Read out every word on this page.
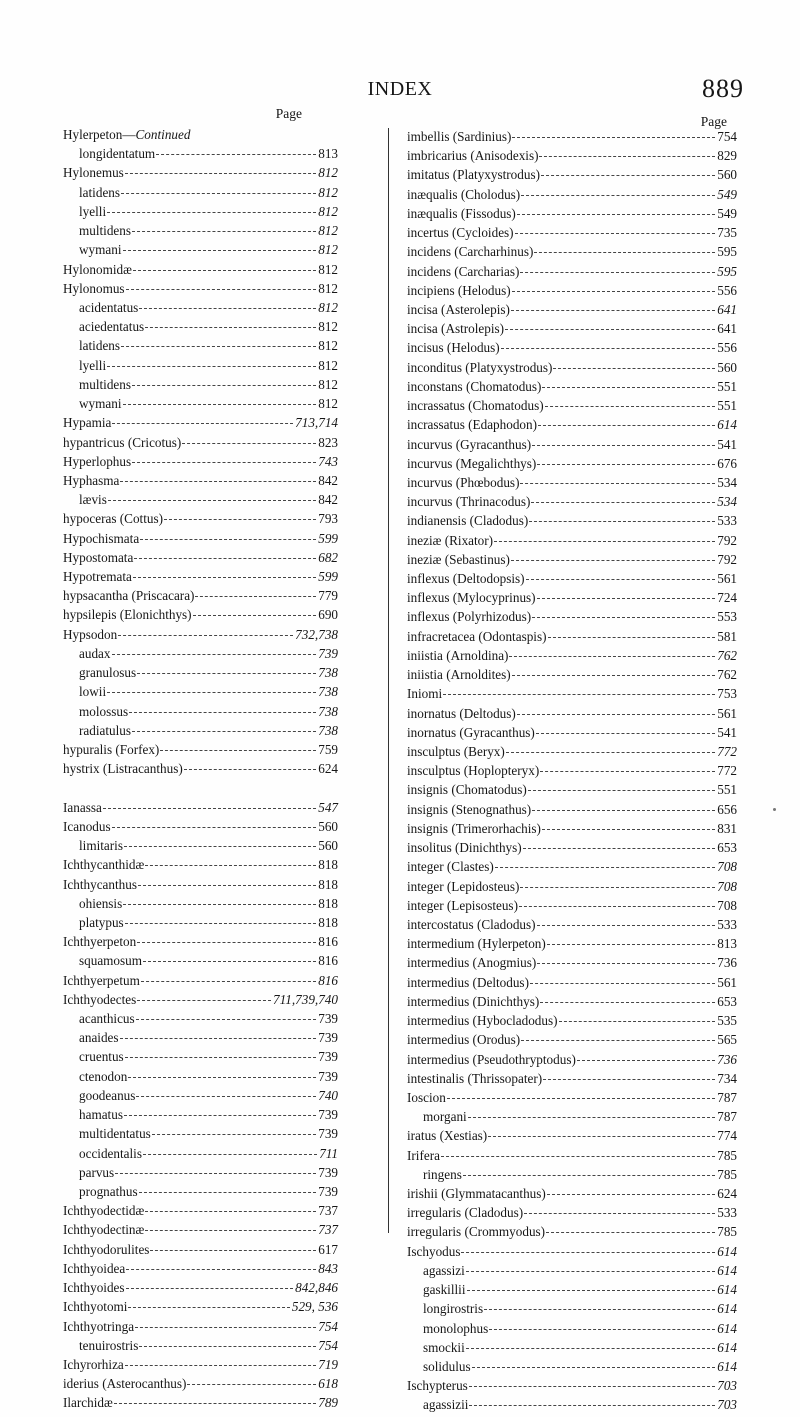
INDEX	889
Page
Hylerpeton—Continued
longidentatum	813
Hylonemus	812
latidens	812
lyelli	812
multidens	812
wymani	812
Hylonomidæ	812
Hylonomus	812
acidentatus	812
aciedentatus	812
latidens	812
lyelli	812
multidens	812
wymani	812
Hypamia	713,714
hypantricus (Cricotus)	823
Hyperlophus	743
Hyphasma	842
lævis	842
hypoceras (Cottus)	793
Hypochismata	599
Hypostomata	682
Hypotremata	599
hypsacantha (Priscacara)	779
hypsilepis (Elonichthys)	690
Hypsodon	732,738
audax	739
granulosus	738
lowii	738
molossus	738
radiatulus	738
hypuralis (Forfex)	759
hystrix (Listracanthus)	624
Ianassa	547
Icanodus	560
limitaris	560
Ichthycanthidæ	818
Ichthycanthus	818
ohiensis	818
platypus	818
Ichthyerpeton	816
squamosum	816
Ichthyerpetum	816
Ichthyodectes	711,739,740
acanthicus	739
anaides	739
cruentus	739
ctenodon	739
goodeanus	740
hamatus	739
multidentatus	739
occidentalis	711
parvus	739
prognathus	739
Ichthyodectidæ	737
Ichthyodectinæ	737
Ichthyodorulites	617
Ichthyoidea	843
Ichthyoides	842,846
Ichthyotomi	529, 536
Ichthyotringa	754
tenuirostris	754
Ichyrorhiza	719
iderius (Asterocanthus)	618
Ilarchidæ	789
Page
imbellis (Sardinius)	754
imbricarius (Anisodexis)	829
imitatus (Platyxystrodus)	560
inæqualis (Cholodus)	549
inæqualis (Fissodus)	549
incertus (Cycloides)	735
incidens (Carcharhinus)	595
incidens (Carcharias)	595
incipiens (Helodus)	556
incisa (Asterolepis)	641
incisa (Astrolepis)	641
incisus (Helodus)	556
inconditus (Platyxystrodus)	560
inconstans (Chomatodus)	551
incrassatus (Chomatodus)	551
incrassatus (Edaphodon)	614
incurvus (Gyracanthus)	541
incurvus (Megalichthys)	676
incurvus (Phœbodus)	534
incurvus (Thrinacodus)	534
indianensis (Cladodus)	533
ineziæ (Rixator)	792
ineziæ (Sebastinus)	792
inflexus (Deltodopsis)	561
inflexus (Mylocyprinus)	724
inflexus (Polyrhizodus)	553
infracretacea (Odontaspis)	581
iniistia (Arnoldina)	762
iniistia (Arnoldites)	762
Iniomi	753
inornatus (Deltodus)	561
inornatus (Gyracanthus)	541
insculptus (Beryx)	772
insculptus (Hoplopteryx)	772
insignis (Chomatodus)	551
insignis (Stenognathus)	656
insignis (Trimerorhachis)	831
insolitus (Dinichthys)	653
integer (Clastes)	708
integer (Lepidosteus)	708
integer (Lepisosteus)	708
intercostatus (Cladodus)	533
intermedium (Hylerpeton)	813
intermedius (Anogmius)	736
intermedius (Deltodus)	561
intermedius (Dinichthys)	653
intermedius (Hybocladodus)	535
intermedius (Orodus)	565
intermedius (Pseudothryptodus)	736
intestinalis (Thrissopater)	734
Ioscion	787
morgani	787
iratus (Xestias)	774
Irifera	785
ringens	785
irishii (Glymmatacanthus)	624
irregularis (Cladodus)	533
irregularis (Crommyodus)	785
Ischyodus	614
agassizi	614
gaskillii	614
longirostris	614
monolophus	614
smockii	614
solidulus	614
Ischypterus	703
agassizii	703
